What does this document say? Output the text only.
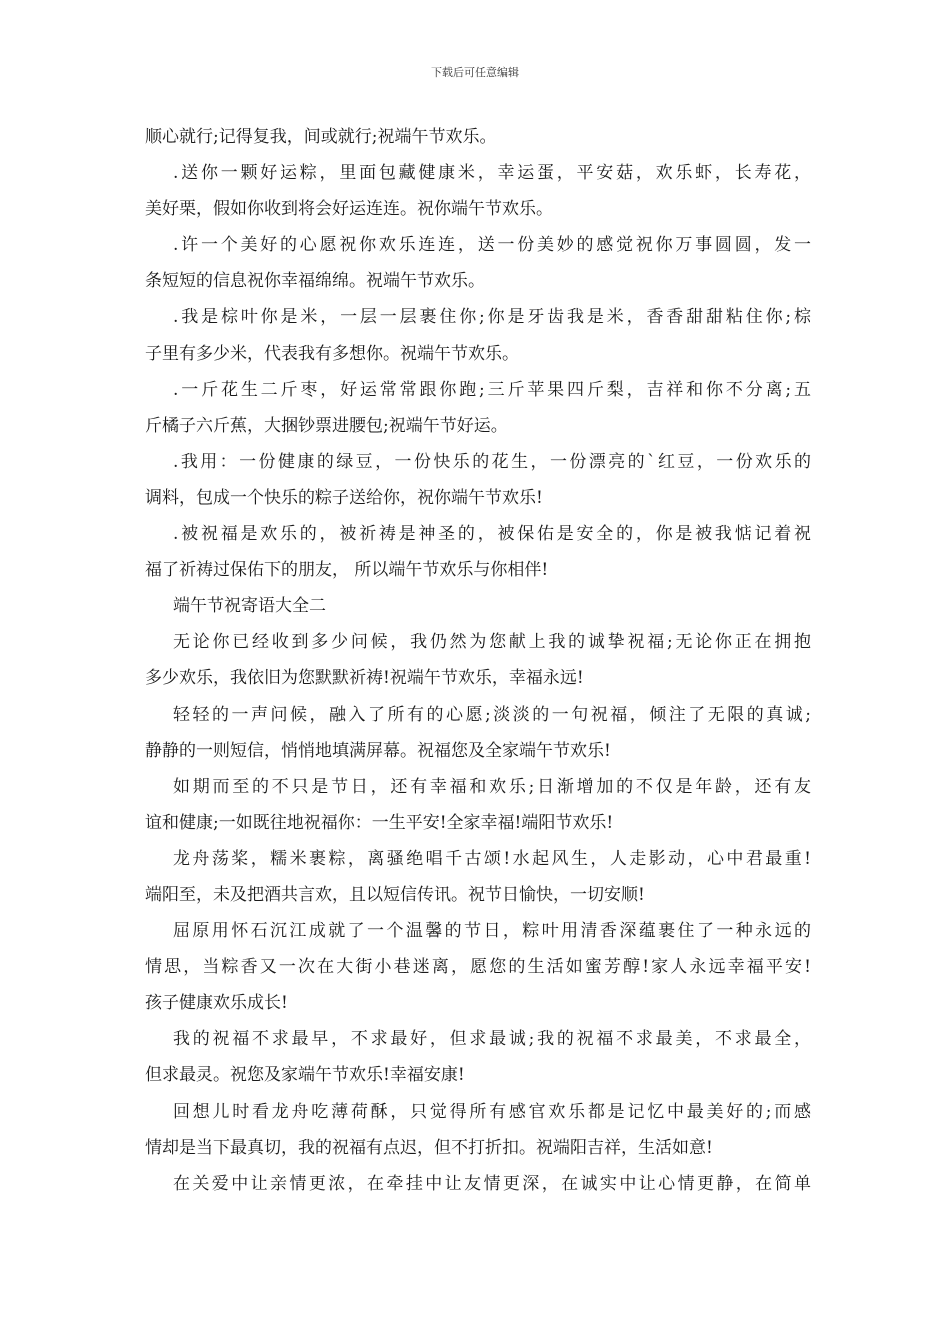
下载后可任意编辑
顺心就行;记得复我，间或就行;祝端午节欢乐。
.送你一颗好运粽，里面包藏健康米，幸运蛋，平安菇，欢乐虾，长寿花，
美好栗，假如你收到将会好运连连。祝你端午节欢乐。
.许一个美好的心愿祝你欢乐连连，送一份美妙的感觉祝你万事圆圆，发一
条短短的信息祝你幸福绵绵。祝端午节欢乐。
.我是棕叶你是米，一层一层裹住你;你是牙齿我是米，香香甜甜粘住你;棕
子里有多少米，代表我有多想你。祝端午节欢乐。
.一斤花生二斤枣，好运常常跟你跑;三斤苹果四斤梨，吉祥和你不分离;五
斤橘子六斤蕉，大捆钞票进腰包;祝端午节好运。
.我用：一份健康的绿豆，一份快乐的花生，一份漂亮的`红豆，一份欢乐的
调料，包成一个快乐的粽子送给你，祝你端午节欢乐!
.被祝福是欢乐的，被祈祷是神圣的，被保佑是安全的，你是被我惦记着祝
福了祈祷过保佑下的朋友， 所以端午节欢乐与你相伴!
端午节祝寄语大全二
无论你已经收到多少问候，我仍然为您献上我的诚挚祝福;无论你正在拥抱
多少欢乐，我依旧为您默默祈祷!祝端午节欢乐，幸福永远!
轻轻的一声问候，融入了所有的心愿;淡淡的一句祝福，倾注了无限的真诚;
静静的一则短信，悄悄地填满屏幕。祝福您及全家端午节欢乐!
如期而至的不只是节日，还有幸福和欢乐;日渐增加的不仅是年龄，还有友
谊和健康;一如既往地祝福你：一生平安!全家幸福!端阳节欢乐!
龙舟荡桨，糯米裹粽，离骚绝唱千古颂!水起风生，人走影动，心中君最重!
端阳至，未及把酒共言欢，且以短信传讯。祝节日愉快，一切安顺!
屈原用怀石沉江成就了一个温馨的节日，粽叶用清香深蕴裹住了一种永远的
情思，当粽香又一次在大街小巷迷离，愿您的生活如蜜芳醇!家人永远幸福平安!
孩子健康欢乐成长!
我的祝福不求最早，不求最好，但求最诚;我的祝福不求最美，不求最全，
但求最灵。祝您及家端午节欢乐!幸福安康!
回想儿时看龙舟吃薄荷酥，只觉得所有感官欢乐都是记忆中最美好的;而感
情却是当下最真切，我的祝福有点迟，但不打折扣。祝端阳吉祥，生活如意!
在关爱中让亲情更浓，在牵挂中让友情更深，在诚实中让心情更静，在简单
